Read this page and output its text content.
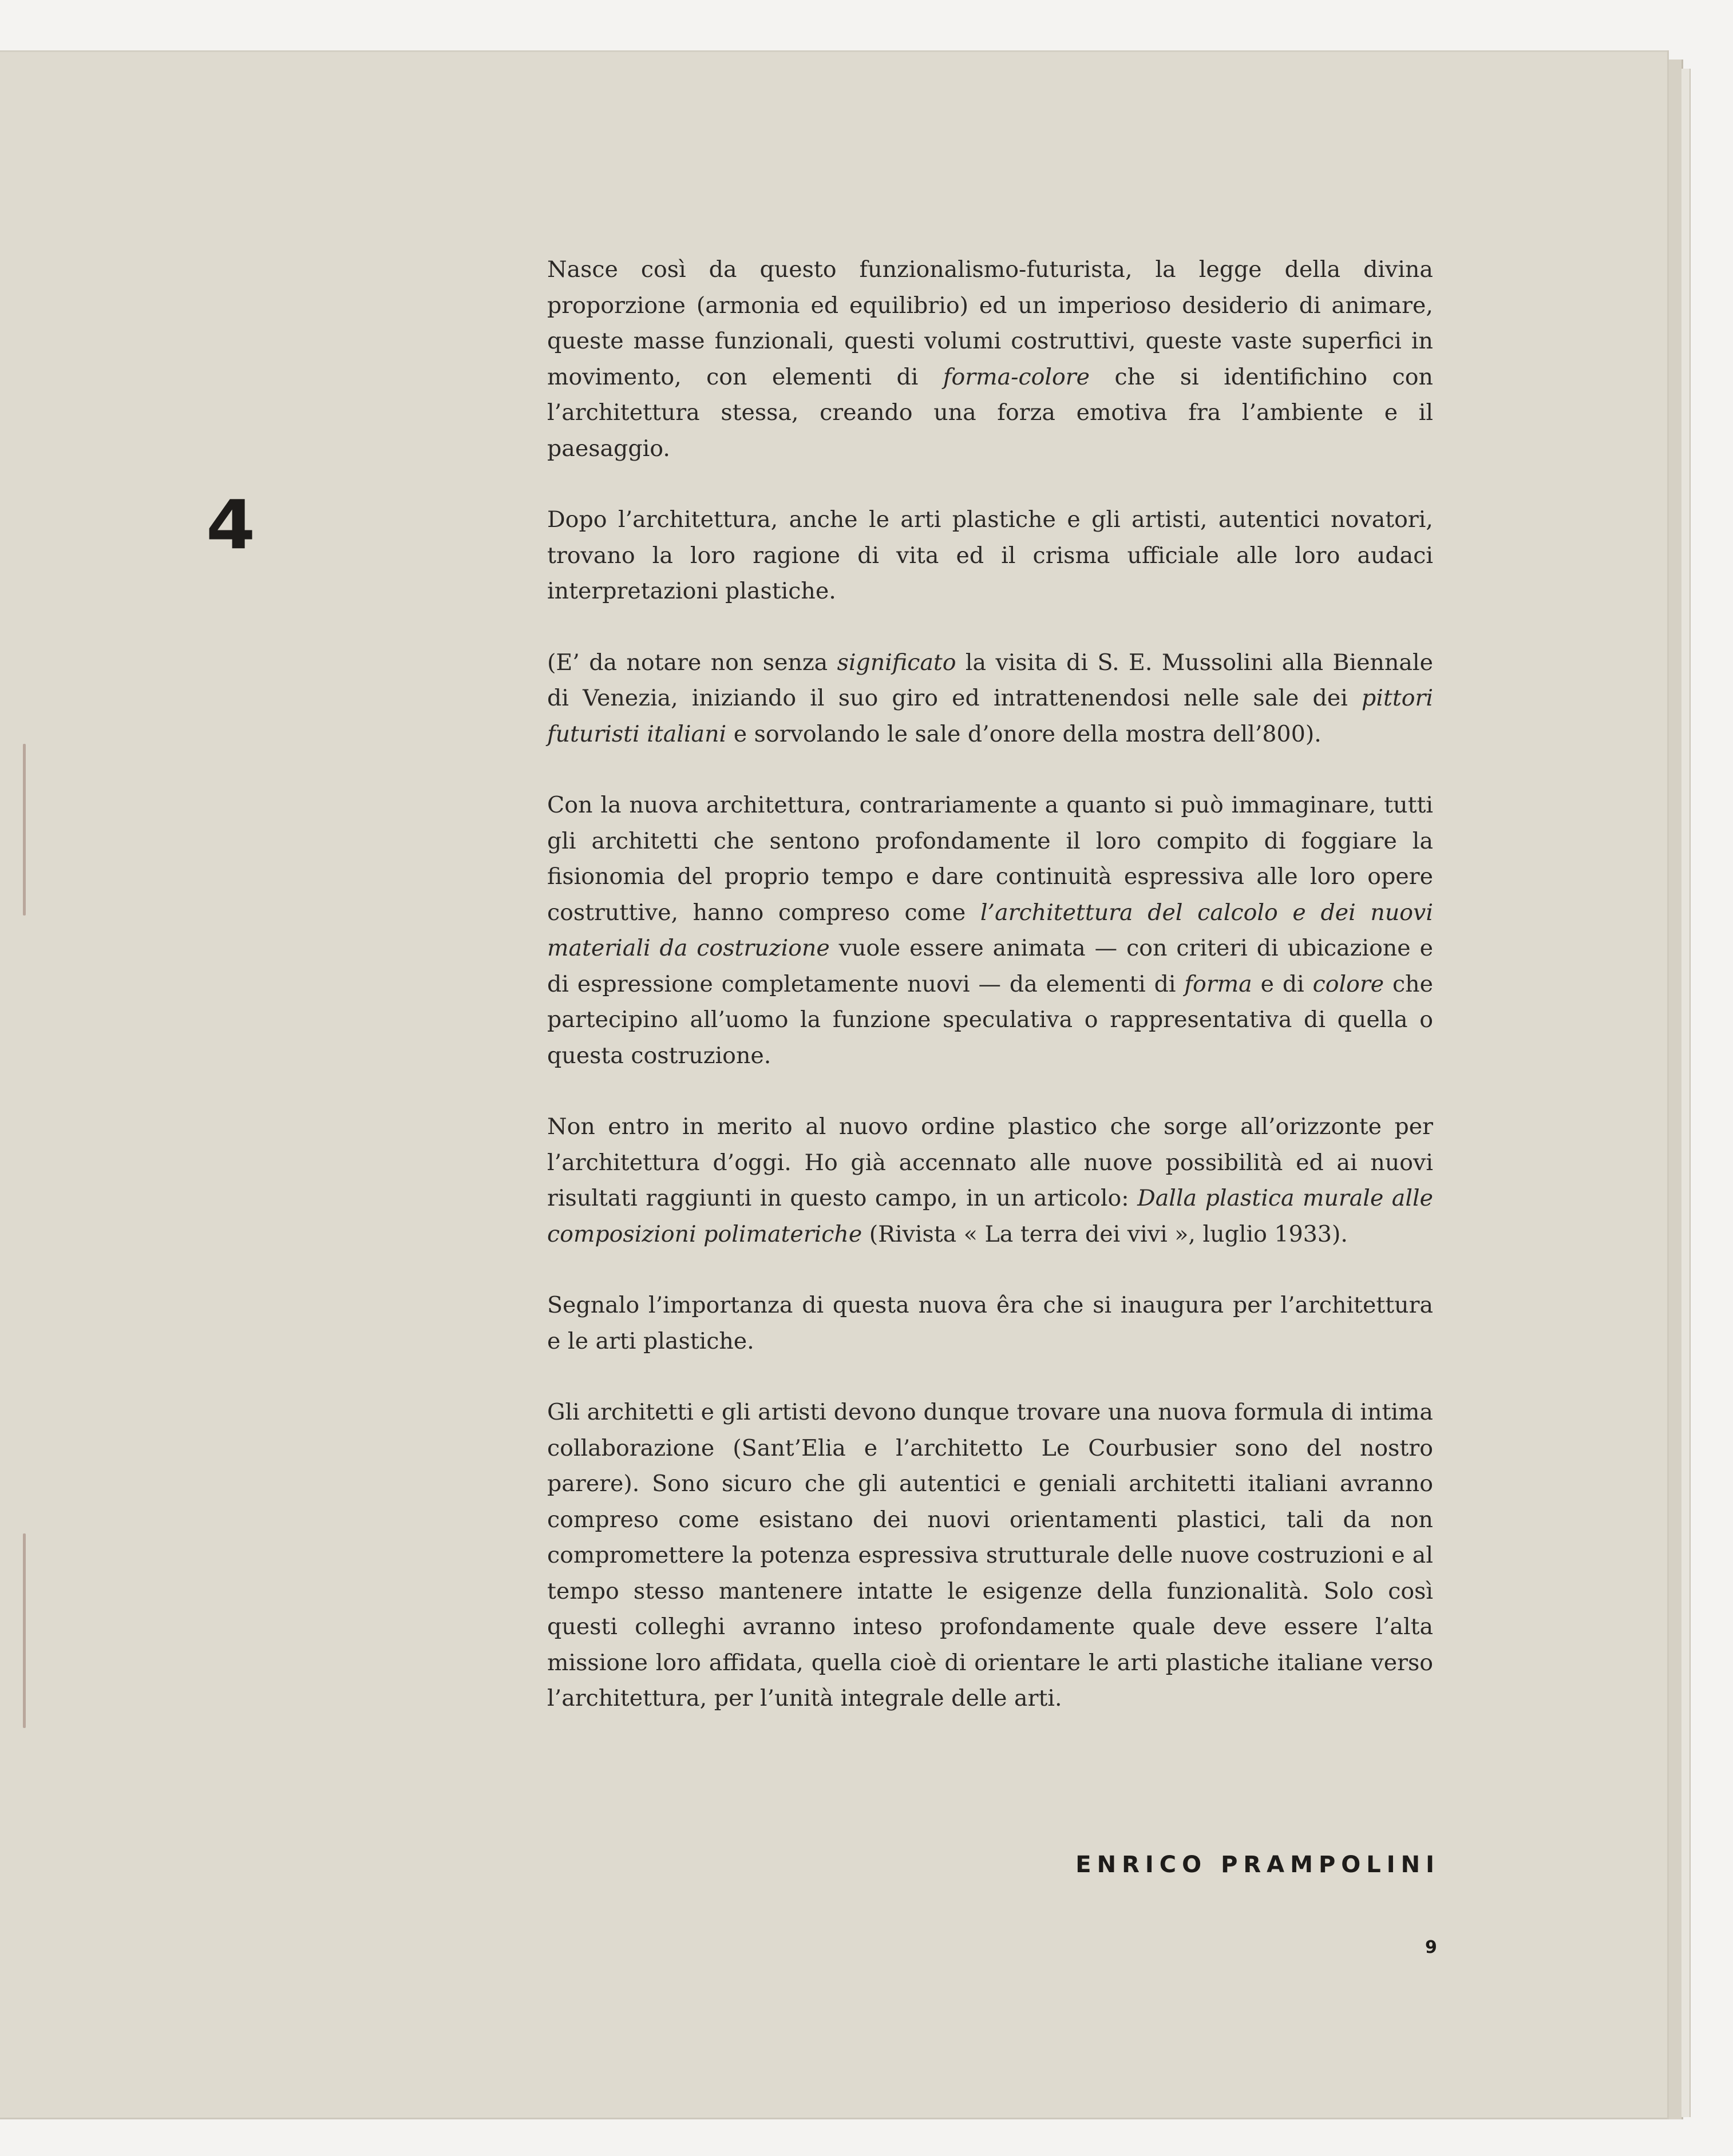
4

Nasce così da questo funzionalismo-futurista, la legge della divina proporzione (armonia ed equilibrio) ed un imperioso desiderio di animare, queste masse funzionali, questi volumi costruttivi, queste vaste superfici in movimento, con elementi di forma-colore che si identifichino con l’architettura stessa, creando una forza emotiva fra l’ambiente e il paesaggio.

Dopo l’architettura, anche le arti plastiche e gli artisti, autentici novatori, trovano la loro ragione di vita ed il crisma ufficiale alle loro audaci interpretazioni plastiche.

(E’ da notare non senza significato la visita di S. E. Mussolini alla Biennale di Venezia, iniziando il suo giro ed intrattenendosi nelle sale dei pittori futuristi italiani e sorvolando le sale d’onore della mostra dell’800).

Con la nuova architettura, contrariamente a quanto si può immaginare, tutti gli architetti che sentono profondamente il loro compito di foggiare la fisionomia del proprio tempo e dare continuità espressiva alle loro opere costruttive, hanno compreso come l’architettura del calcolo e dei nuovi materiali da costruzione vuole essere animata — con criteri di ubicazione e di espressione completamente nuovi — da elementi di forma e di colore che partecipino all’uomo la funzione speculativa o rappresentativa di quella o questa costruzione.

Non entro in merito al nuovo ordine plastico che sorge all’orizzonte per l’architettura d’oggi. Ho già accennato alle nuove possibilità ed ai nuovi risultati raggiunti in questo campo, in un articolo: Dalla plastica murale alle composizioni polimateriche (Rivista « La terra dei vivi », luglio 1933).

Segnalo l’importanza di questa nuova êra che si inaugura per l’architettura e le arti plastiche.

Gli architetti e gli artisti devono dunque trovare una nuova formula di intima collaborazione (Sant’Elia e l’architetto Le Courbusier sono del nostro parere). Sono sicuro che gli autentici e geniali architetti italiani avranno compreso come esistano dei nuovi orientamenti plastici, tali da non compromettere la potenza espressiva strutturale delle nuove costruzioni e al tempo stesso mantenere intatte le esigenze della funzionalità. Solo così questi colleghi avranno inteso profondamente quale deve essere l’alta missione loro affidata, quella cioè di orientare le arti plastiche italiane verso l’architettura, per l’unità integrale delle arti.

ENRICO PRAMPOLINI
9
